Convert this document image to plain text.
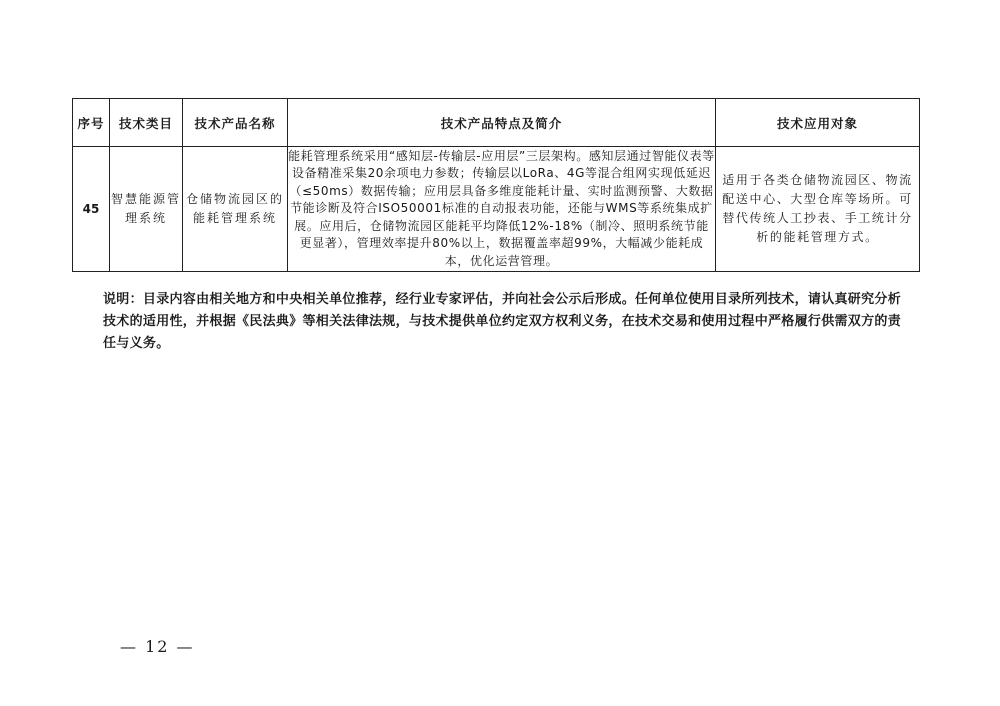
序号	技术类目	技术产品名称	技术产品特点及简介	技术应用对象
45	智慧能源管理系统	仓储物流园区的能耗管理系统	能耗管理系统采用“感知层-传输层-应用层”三层架构。感知层通过智能仪表等设备精准采集20余项电力参数；传输层以LoRa、4G等混合组网实现低延迟（≤50ms）数据传输；应用层具备多维度能耗计量、实时监测预警、大数据节能诊断及符合ISO50001标准的自动报表功能，还能与WMS等系统集成扩展。应用后，仓储物流园区能耗平均降低12%-18%（制冷、照明系统节能更显著），管理效率提升80%以上，数据覆盖率超99%，大幅减少能耗成本，优化运营管理。	适用于各类仓储物流园区、物流配送中心、大型仓库等场所。可替代传统人工抄表、手工统计分析的能耗管理方式。
说明：目录内容由相关地方和中央相关单位推荐，经行业专家评估，并向社会公示后形成。任何单位使用目录所列技术，请认真研究分析技术的适用性，并根据《民法典》等相关法律法规，与技术提供单位约定双方权利义务，在技术交易和使用过程中严格履行供需双方的责任与义务。
— 12 —
